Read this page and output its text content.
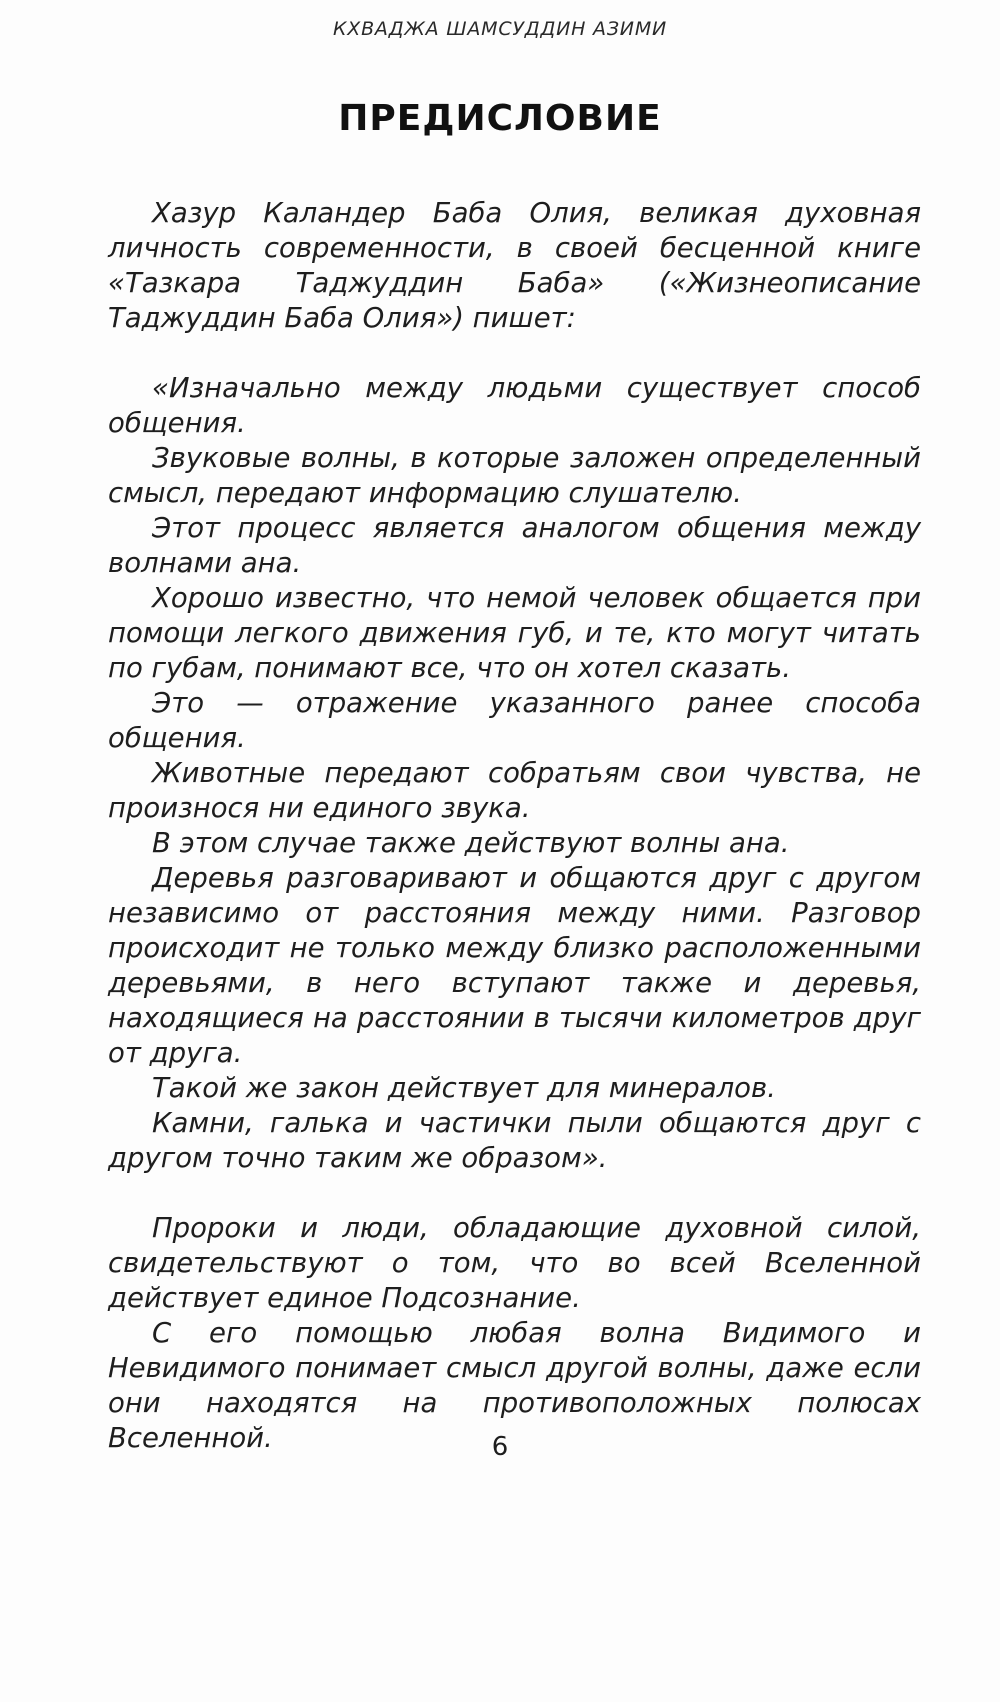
КХВАДЖА ШАМСУДДИН АЗИМИ
ПРЕДИСЛОВИЕ

Хазур Каландер Баба Олия, великая духовная личность современности, в своей бесценной книге «Тазкара Таджуддин Баба» («Жизнеописание Таджуддин Баба Олия») пишет:

«Изначально между людьми существует способ общения.

Звуковые волны, в которые заложен определенный смысл, передают информацию слушателю.

Этот процесс является аналогом общения между волнами ана.

Хорошо известно, что немой человек общается при помощи легкого движения губ, и те, кто могут читать по губам, понимают все, что он хотел сказать.

Это — отражение указанного ранее способа общения.

Животные передают собратьям свои чувства, не произнося ни единого звука.

В этом случае также действуют волны ана.

Деревья разговаривают и общаются друг с другом независимо от расстояния между ними. Разговор происходит не только между близко расположенными деревьями, в него вступают также и деревья, находящиеся на расстоянии в тысячи километров друг от друга.

Такой же закон действует для минералов.

Камни, галька и частички пыли общаются друг с другом точно таким же образом».

Пророки и люди, обладающие духовной силой, свидетельствуют о том, что во всей Вселенной действует единое Подсознание.

С его помощью любая волна Видимого и Невидимого понимает смысл другой волны, даже если они находятся на противоположных полюсах Вселенной.	6
